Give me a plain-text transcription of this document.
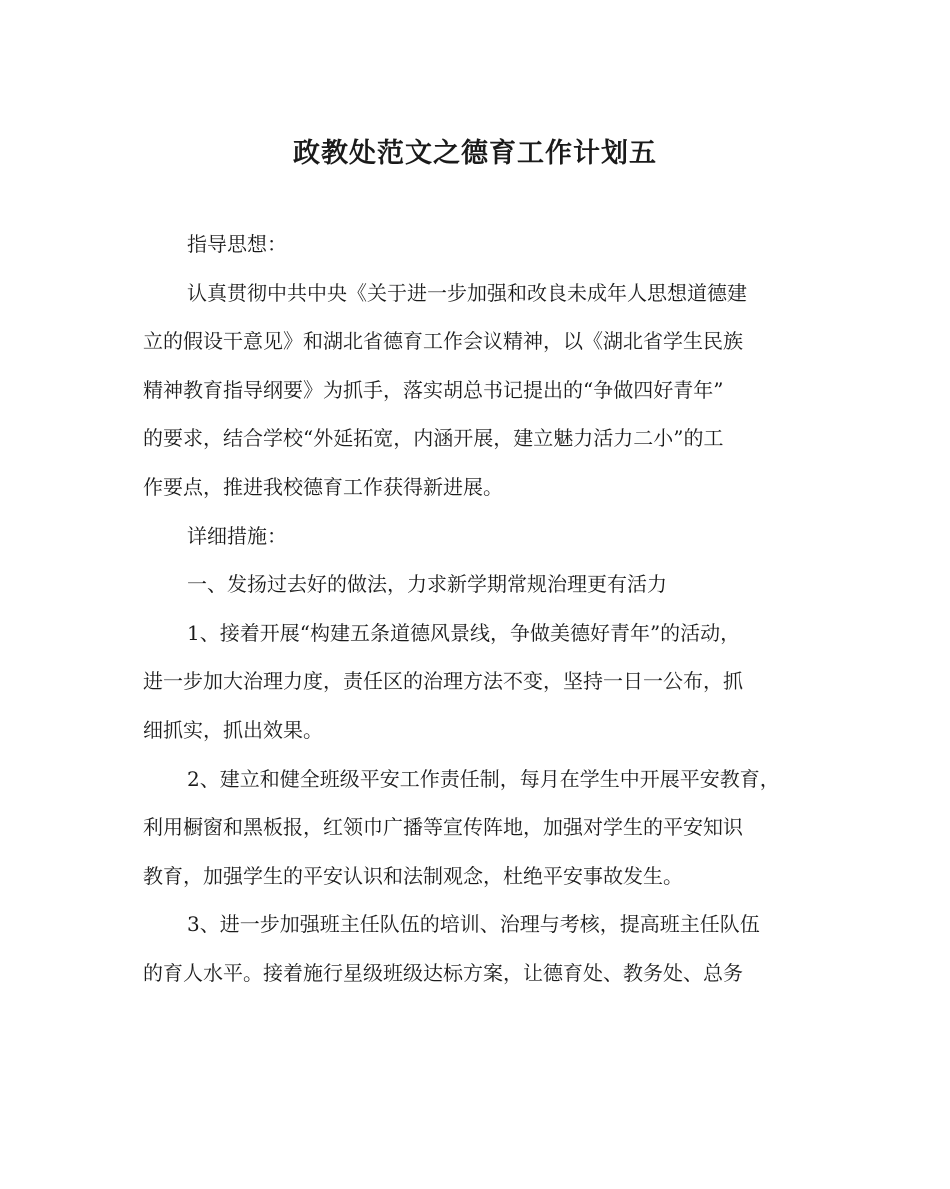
政教处范文之德育工作计划五
指导思想：
认真贯彻中共中央《关于进一步加强和改良未成年人思想道德建
立的假设干意见》和湖北省德育工作会议精神，以《湖北省学生民族
精神教育指导纲要》为抓手，落实胡总书记提出的“争做四好青年”
的要求，结合学校“外延拓宽，内涵开展，建立魅力活力二小”的工
作要点，推进我校德育工作获得新进展。
详细措施：
一、发扬过去好的做法，力求新学期常规治理更有活力
1、接着开展“构建五条道德风景线，争做美德好青年”的活动，
进一步加大治理力度，责任区的治理方法不变，坚持一日一公布，抓
细抓实，抓出效果。
2、建立和健全班级平安工作责任制，每月在学生中开展平安教育，
利用橱窗和黑板报，红领巾广播等宣传阵地，加强对学生的平安知识
教育，加强学生的平安认识和法制观念，杜绝平安事故发生。
3、进一步加强班主任队伍的培训、治理与考核，提高班主任队伍
的育人水平。接着施行星级班级达标方案，让德育处、教务处、总务
